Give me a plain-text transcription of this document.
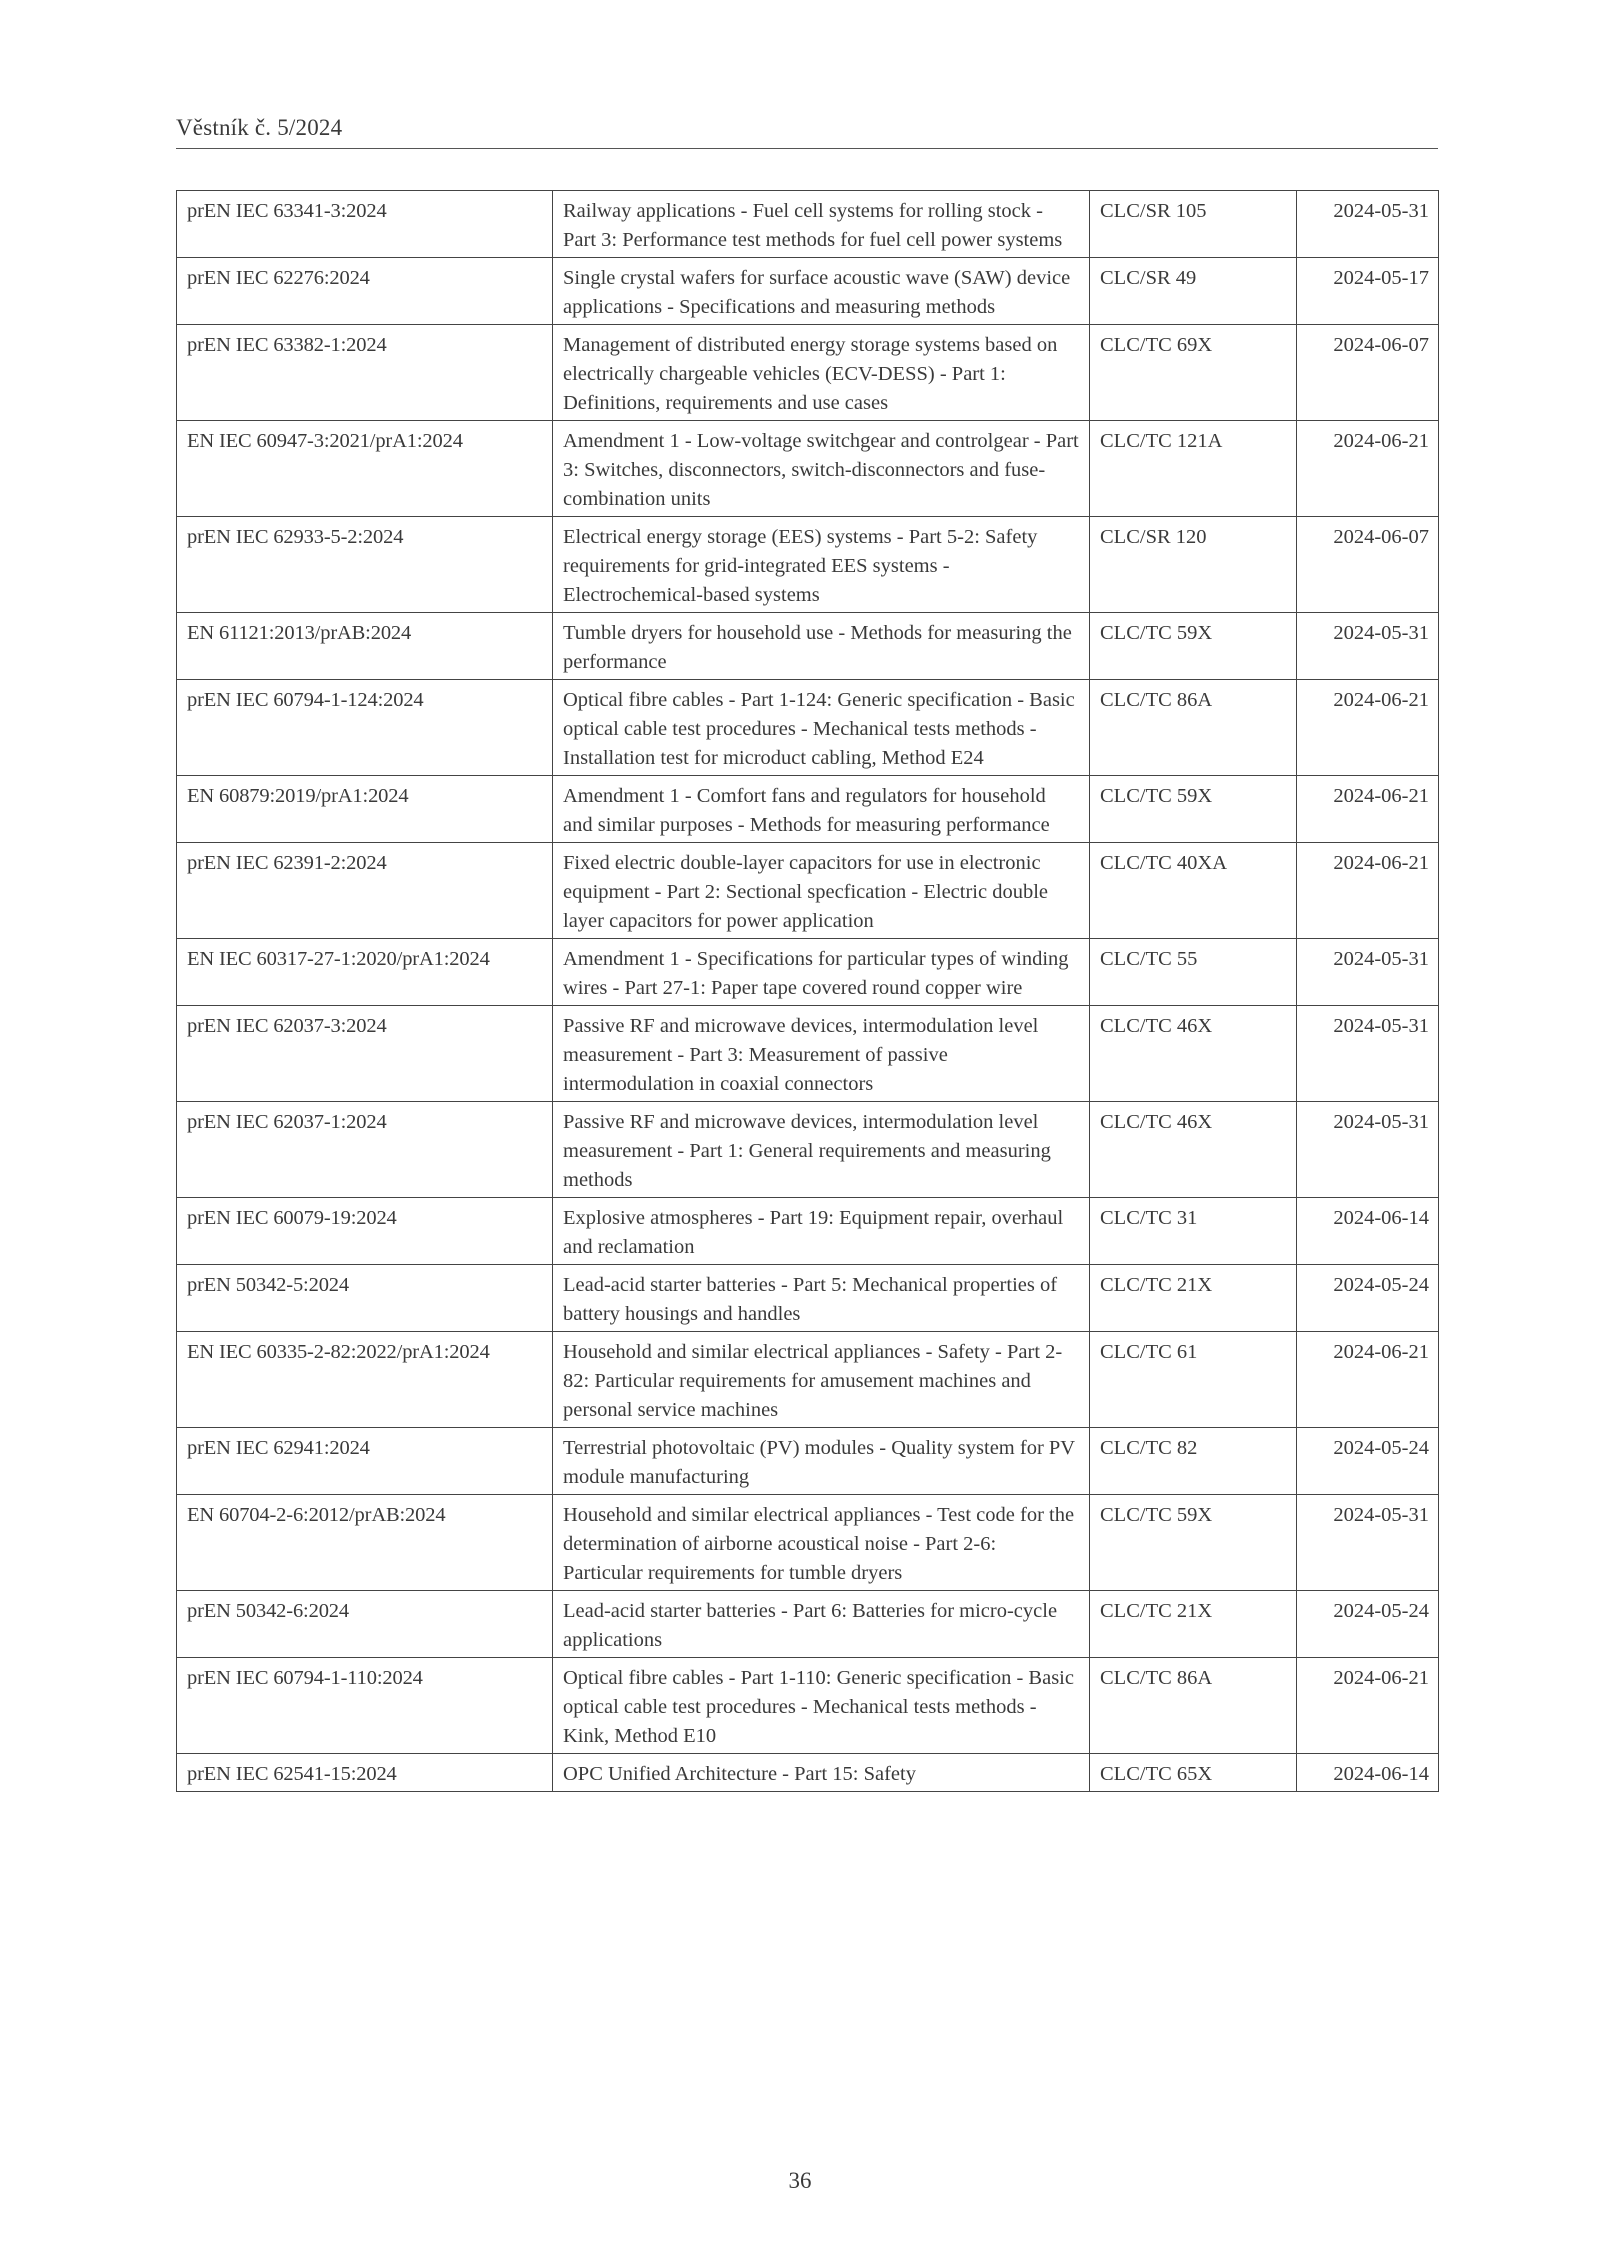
Věstník č. 5/2024
prEN IEC 63341-3:2024	Railway applications - Fuel cell systems for rolling stock - Part 3: Performance test methods for fuel cell power systems	CLC/SR 105	2024-05-31
prEN IEC 62276:2024	Single crystal wafers for surface acoustic wave (SAW) device applications - Specifications and measuring methods	CLC/SR 49	2024-05-17
prEN IEC 63382-1:2024	Management of distributed energy storage systems based on electrically chargeable vehicles (ECV-DESS) - Part 1: Definitions, requirements and use cases	CLC/TC 69X	2024-06-07
EN IEC 60947-3:2021/prA1:2024	Amendment 1 - Low-voltage switchgear and controlgear - Part 3: Switches, disconnectors, switch-disconnectors and fuse-combination units	CLC/TC 121A	2024-06-21
prEN IEC 62933-5-2:2024	Electrical energy storage (EES) systems - Part 5-2: Safety requirements for grid-integrated EES systems - Electrochemical-based systems	CLC/SR 120	2024-06-07
EN 61121:2013/prAB:2024	Tumble dryers for household use - Methods for measuring the performance	CLC/TC 59X	2024-05-31
prEN IEC 60794-1-124:2024	Optical fibre cables - Part 1-124: Generic specification - Basic optical cable test procedures - Mechanical tests methods - Installation test for microduct cabling, Method E24	CLC/TC 86A	2024-06-21
EN 60879:2019/prA1:2024	Amendment 1 - Comfort fans and regulators for household and similar purposes - Methods for measuring performance	CLC/TC 59X	2024-06-21
prEN IEC 62391-2:2024	Fixed electric double-layer capacitors for use in electronic equipment - Part 2: Sectional specfication - Electric double layer capacitors for power application	CLC/TC 40XA	2024-06-21
EN IEC 60317-27-1:2020/prA1:2024	Amendment 1 - Specifications for particular types of winding wires - Part 27-1: Paper tape covered round copper wire	CLC/TC 55	2024-05-31
prEN IEC 62037-3:2024	Passive RF and microwave devices, intermodulation level measurement - Part 3: Measurement of passive intermodulation in coaxial connectors	CLC/TC 46X	2024-05-31
prEN IEC 62037-1:2024	Passive RF and microwave devices, intermodulation level measurement - Part 1: General requirements and measuring methods	CLC/TC 46X	2024-05-31
prEN IEC 60079-19:2024	Explosive atmospheres - Part 19: Equipment repair, overhaul and reclamation	CLC/TC 31	2024-06-14
prEN 50342-5:2024	Lead-acid starter batteries - Part 5: Mechanical properties of battery housings and handles	CLC/TC 21X	2024-05-24
EN IEC 60335-2-82:2022/prA1:2024	Household and similar electrical appliances - Safety - Part 2-82: Particular requirements for amusement machines and personal service machines	CLC/TC 61	2024-06-21
prEN IEC 62941:2024	Terrestrial photovoltaic (PV) modules - Quality system for PV module manufacturing	CLC/TC 82	2024-05-24
EN 60704-2-6:2012/prAB:2024	Household and similar electrical appliances - Test code for the determination of airborne acoustical noise - Part 2-6: Particular requirements for tumble dryers	CLC/TC 59X	2024-05-31
prEN 50342-6:2024	Lead-acid starter batteries - Part 6: Batteries for micro-cycle applications	CLC/TC 21X	2024-05-24
prEN IEC 60794-1-110:2024	Optical fibre cables - Part 1-110: Generic specification - Basic optical cable test procedures - Mechanical tests methods - Kink, Method E10	CLC/TC 86A	2024-06-21
prEN IEC 62541-15:2024	OPC Unified Architecture - Part 15: Safety	CLC/TC 65X	2024-06-14
36
